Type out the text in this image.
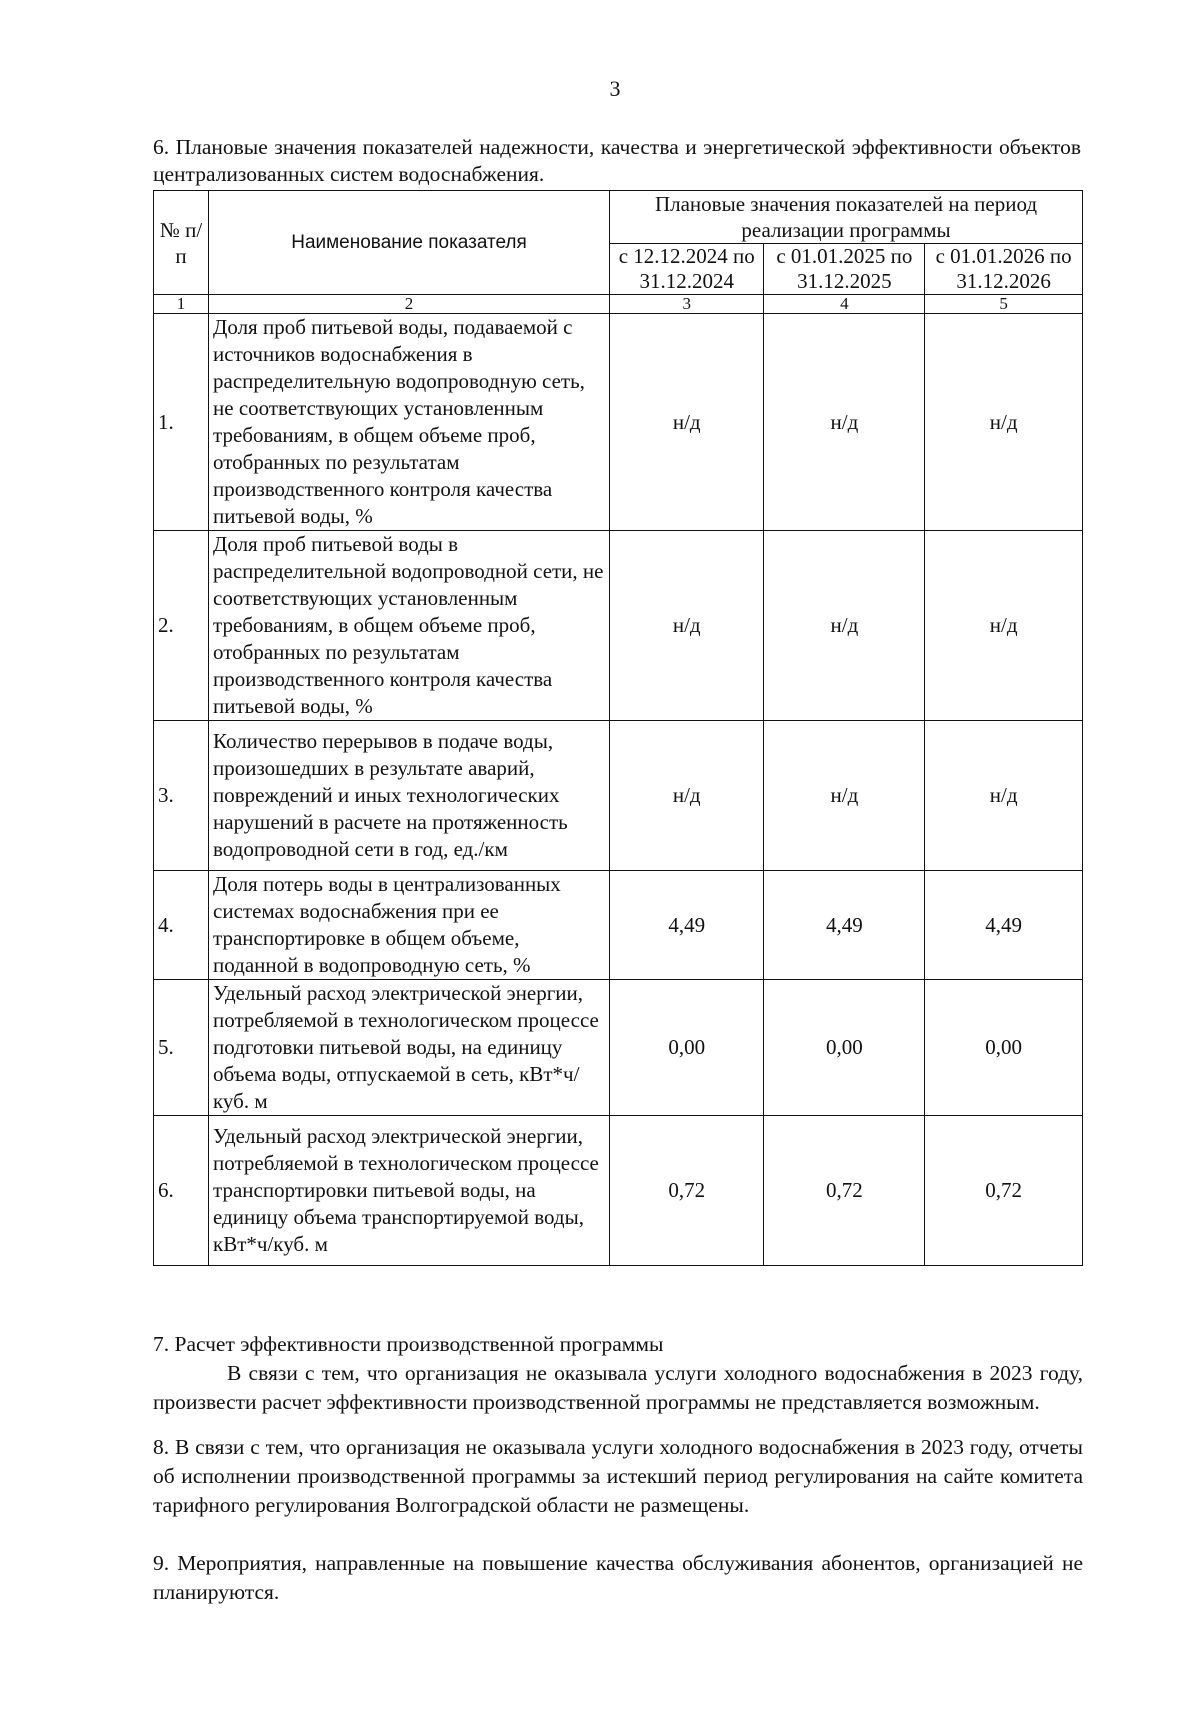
3
6. Плановые значения показателей надежности, качества и энергетической эффективности объектов централизованных систем водоснабжения.
№ п/п	Наименование показателя	Плановые значения показателей на период реализации программы		
		с 12.12.2024 по 31.12.2024	с 01.01.2025 по 31.12.2025	с 01.01.2026 по 31.12.2026
1	2	3	4	5
1.	Доля проб питьевой воды, подаваемой с источников водоснабжения в распределительную водопроводную сеть, не соответствующих установленным требованиям, в общем объеме проб, отобранных по результатам производственного контроля качества питьевой воды, %	н/д	н/д	н/д
2.	Доля проб питьевой воды в распределительной водопроводной сети, не соответствующих установленным требованиям, в общем объеме проб, отобранных по результатам производственного контроля качества питьевой воды, %	н/д	н/д	н/д
3.	Количество перерывов в подаче воды, произошедших в результате аварий, повреждений и иных технологических нарушений в расчете на протяженность водопроводной сети в год, ед./км	н/д	н/д	н/д
4.	Доля потерь воды в централизованных системах водоснабжения при ее транспортировке в общем объеме, поданной в водопроводную сеть, %	4,49	4,49	4,49
5.	Удельный расход электрической энергии, потребляемой в технологическом процессе подготовки питьевой воды, на единицу объема воды, отпускаемой в сеть, кВт*ч/куб. м	0,00	0,00	0,00
6.	Удельный расход электрической энергии, потребляемой в технологическом процессе транспортировки питьевой воды, на единицу объема транспортируемой воды, кВт*ч/куб. м	0,72	0,72	0,72

7. Расчет эффективности производственной программы

В связи с тем, что организация не оказывала услуги холодного водоснабжения в 2023 году, произвести расчет эффективности производственной программы не представляется возможным.

8. В связи с тем, что организация не оказывала услуги холодного водоснабжения в 2023 году, отчеты об исполнении производственной программы за истекший период регулирования на сайте комитета тарифного регулирования Волгоградской области не размещены.

9. Мероприятия, направленные на повышение качества обслуживания абонентов, организацией не планируются.
